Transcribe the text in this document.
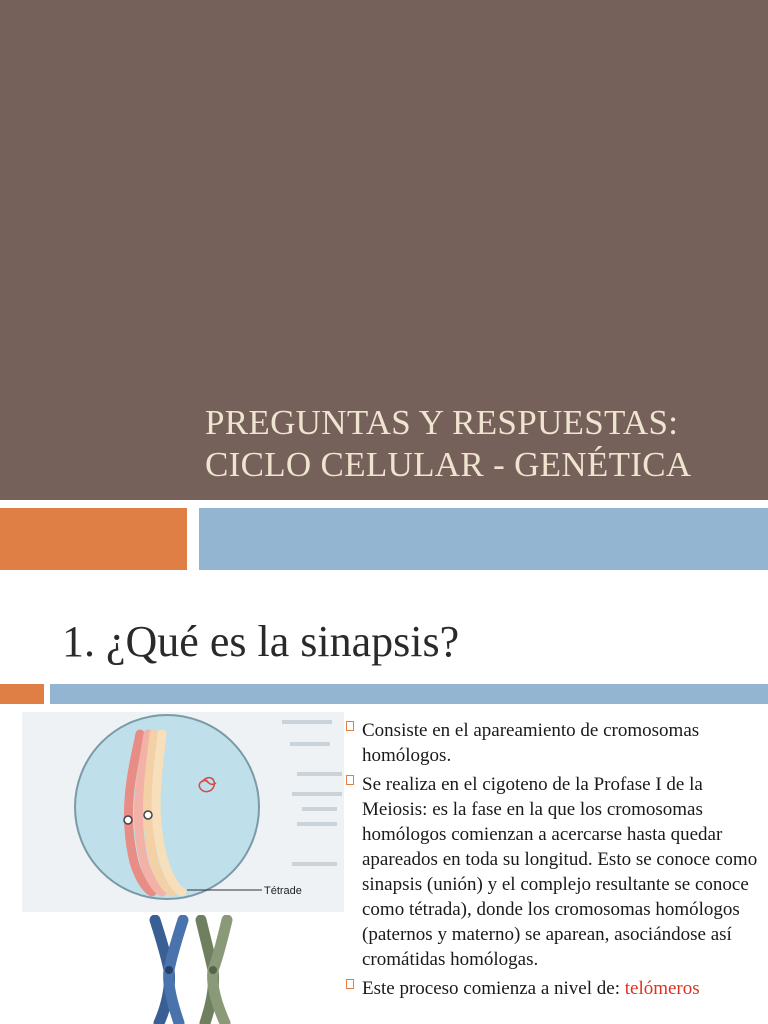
PREGUNTAS Y RESPUESTAS:
CICLO CELULAR - GENÉTICA
1. ¿Qué es la sinapsis?
Tétrade
Consiste en el apareamiento de cromosomas homólogos.
Se realiza en el cigoteno de la Profase I de la Meiosis: es la fase en la que los cromosomas homólogos comienzan a acercarse hasta quedar apareados en toda su longitud. Esto se conoce como sinapsis (unión) y el complejo resultante se conoce como tétrada), donde los cromosomas homólogos (paternos y materno) se aparean, asociándose así cromátidas homólogas.
Este proceso comienza a nivel de: telómeros
